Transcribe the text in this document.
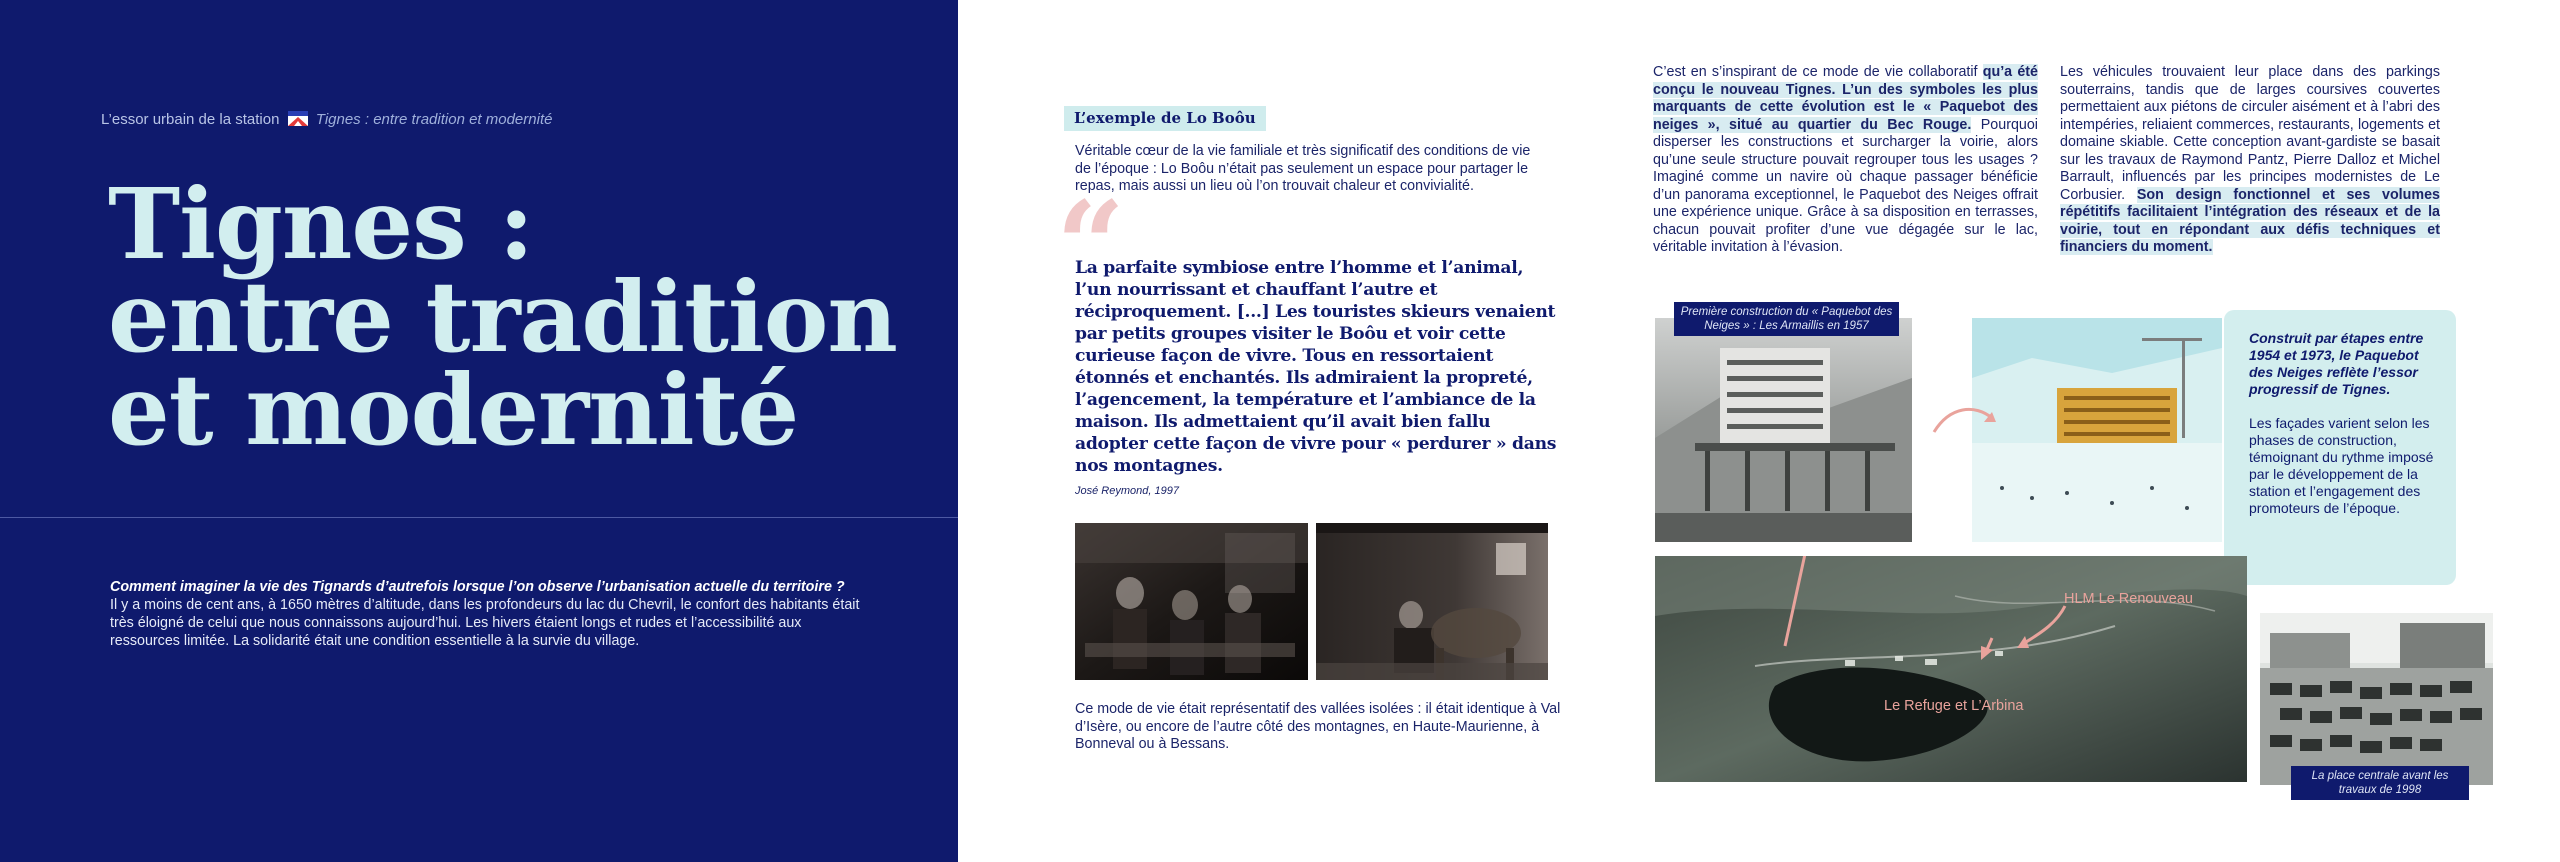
L’essor urbain de la station Tignes : entre tradition et modernité
Tignes :
entre tradition
et modernité
Comment imaginer la vie des Tignards d’autrefois lorsque l’on observe l’urbanisation actuelle du territoire ?
Il y a moins de cent ans, à 1650 mètres d’altitude, dans les profondeurs du lac du Chevril, le confort des habitants était très éloigné de celui que nous connaissons aujourd’hui. Les hivers étaient longs et rudes et l’accessibilité aux ressources limitée. La solidarité était une condition essentielle à la survie du village.
L’exemple de Lo Boôu

Véritable cœur de la vie familiale et très significatif des conditions de vie de l’époque : Lo Boôu n’était pas seulement un espace pour partager le repas, mais aussi un lieu où l’on trouvait chaleur et convivialité.

“

La parfaite symbiose entre l’homme et l’animal, l’un nourrissant et chauffant l’autre et réciproquement. [...] Les touristes skieurs venaient par petits groupes visiter le Boôu et voir cette curieuse façon de vivre. Tous en ressortaient étonnés et enchantés. Ils admiraient la propreté, l’agencement, la température et l’ambiance de la maison. Ils admettaient qu’il avait bien fallu adopter cette façon de vivre pour « perdurer » dans nos montagnes.

José Reymond, 1997

Ce mode de vie était représentatif des vallées isolées : il était identique à Val d’Isère, ou encore de l’autre côté des montagnes, en Haute-Maurienne, à Bonneval ou à Bessans.

C’est en s’inspirant de ce mode de vie collaboratif qu’a été conçu le nouveau Tignes. L’un des symboles les plus marquants de cette évolution est le « Paquebot des neiges », situé au quartier du Bec Rouge. Pourquoi disperser les constructions et surcharger la voirie, alors qu’une seule structure pouvait regrouper tous les usages ? Imaginé comme un navire où chaque passager bénéficie d’un panorama exceptionnel, le Paquebot des Neiges offrait une expérience unique. Grâce à sa disposition en terrasses, chacun pouvait profiter d’une vue dégagée sur le lac, véritable invitation à l’évasion.
Les véhicules trouvaient leur place dans des parkings souterrains, tandis que de larges coursives couvertes permettaient aux piétons de circuler aisément et à l’abri des intempéries, reliaient commerces, restaurants, logements et domaine skiable. Cette conception avant-gardiste se basait sur les travaux de Raymond Pantz, Pierre Dalloz et Michel Barrault, influencés par les principes modernistes de Le Corbusier. Son design fonctionnel et ses volumes répétitifs facilitaient l’intégration des réseaux et de la voirie, tout en répondant aux défis techniques et financiers du moment.
Première construction du « Paquebot des Neiges » : Les Armaillis en 1957
Construit par étapes entre 1954 et 1973, le Paquebot des Neiges reflète l’essor progressif de Tignes.
Les façades varient selon les phases de construction, témoignant du rythme imposé par le développement de la station et l’engagement des promoteurs de l’époque.
HLM Le Renouveau
Le Refuge et L’Arbina
La place centrale avant les travaux de 1998
